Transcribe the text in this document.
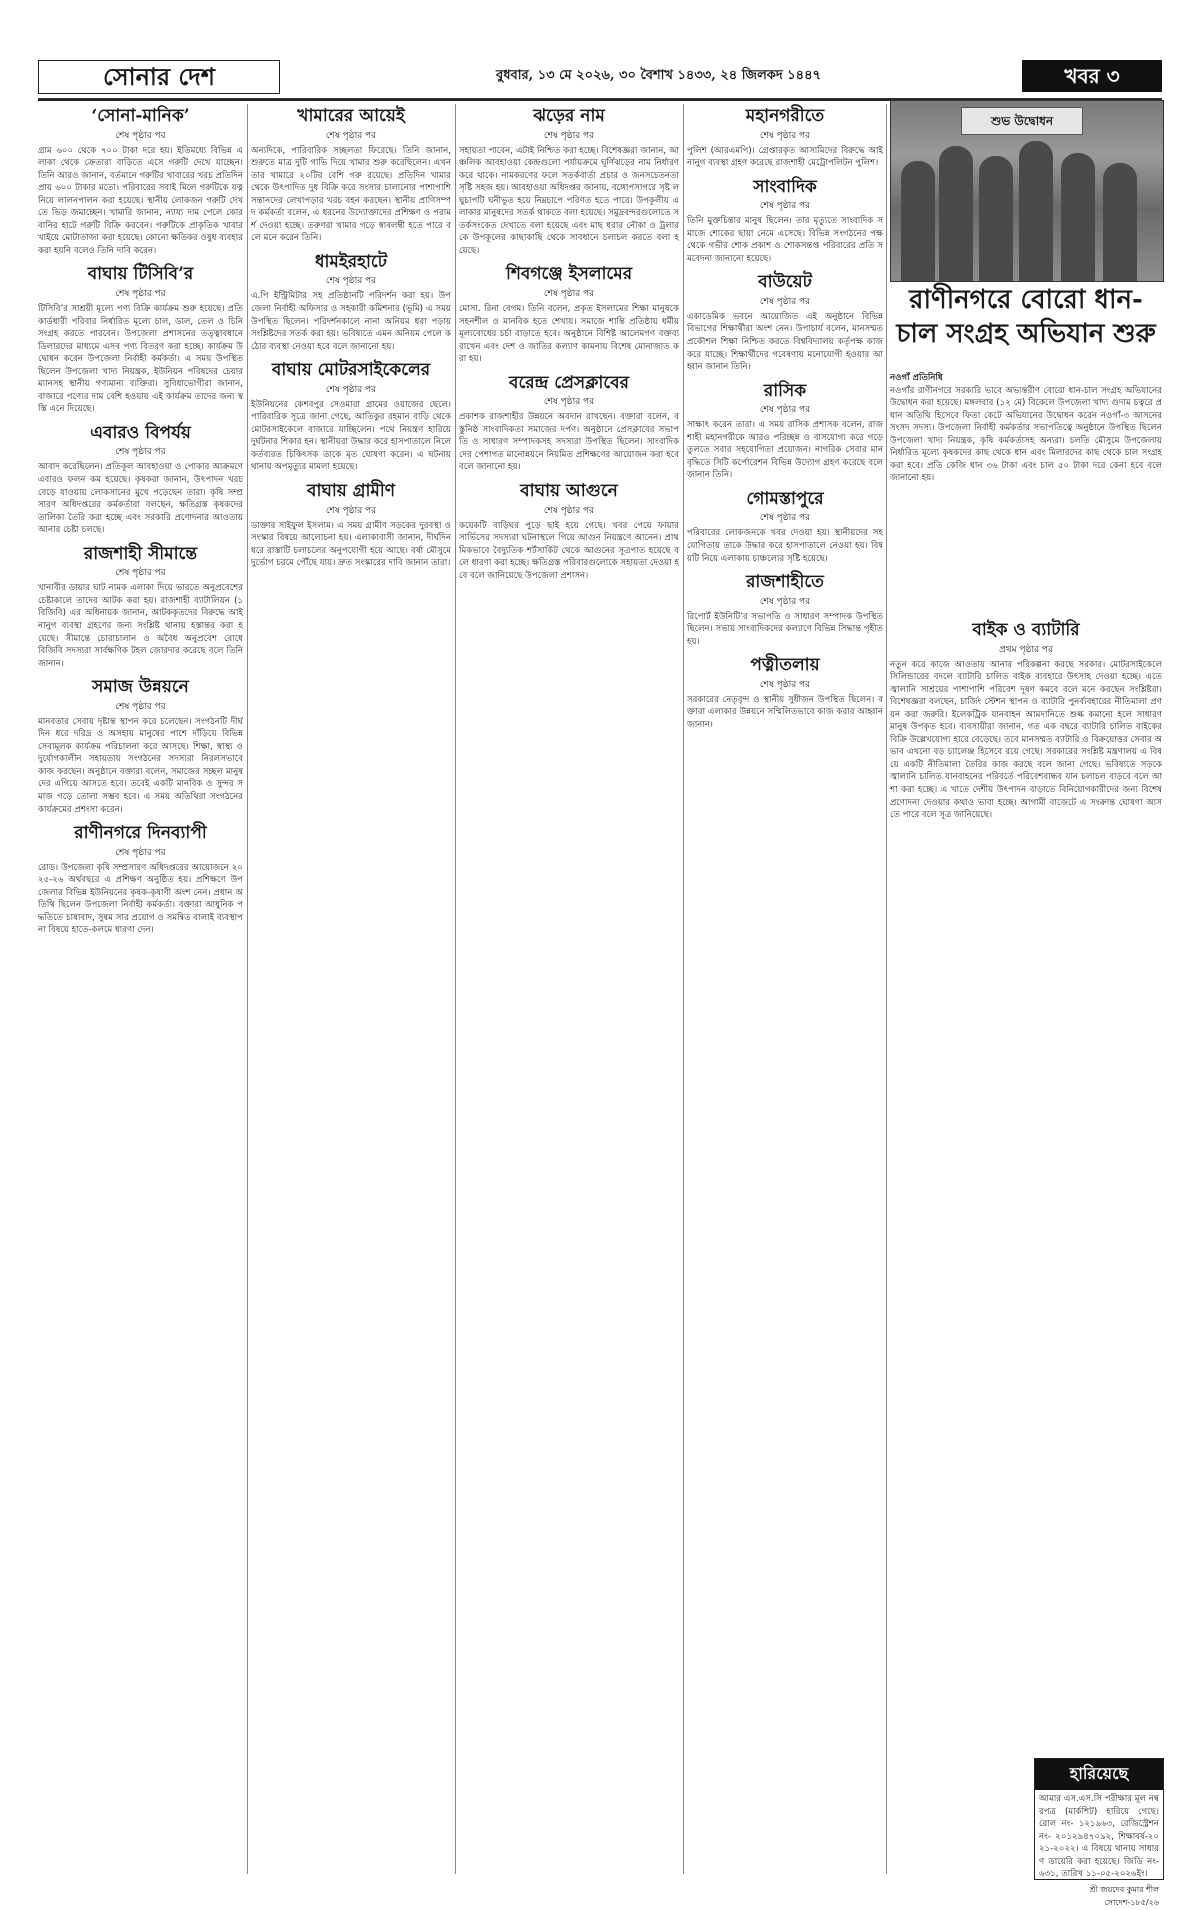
সোনার দেশ	বুধবার, ১৩ মে ২০২৬, ৩০ বৈশাখ ১৪৩৩, ২৪ জিলকদ ১৪৪৭	খবর ৩
‘সোনা-মানিক’
শেষ পৃষ্ঠার পর
গ্রাম ৬০০ থেকে ৭০০ টাকা দরে হয়। ইতিমধ্যে বিভিন্ন এলাকা থেকে ক্রেতারা বাড়িতে এসে গরুটি দেখে যাচ্ছেন। তিনি আরও জানান, বর্তমানে গরুটির খাবারের খরচ প্রতিদিন প্রায় ৬০০ টাকার মতো। পরিবারের সবাই মিলে গরুটিকে যত্ন নিয়ে লালনপালন করা হয়েছে। স্থানীয় লোকজন গরুটি দেখতে ভিড় জমাচ্ছেন। খামারি জানান, ন্যায্য দাম পেলে কোরবানির হাটে গরুটি বিক্রি করবেন। গরুটিকে প্রাকৃতিক খাবার খাইয়ে মোটাতাজা করা হয়েছে। কোনো ক্ষতিকর ওষুধ ব্যবহার করা হয়নি বলেও তিনি দাবি করেন।
বাঘায় টিসিবি’র
শেষ পৃষ্ঠার পর
টিসিবি’র সাশ্রয়ী মূল্যে পণ্য বিক্রি কার্যক্রম শুরু হয়েছে। প্রতি কার্ডধারী পরিবার নির্ধারিত মূল্যে চাল, ডাল, তেল ও চিনি সংগ্রহ করতে পারবেন। উপজেলা প্রশাসনের তত্ত্বাবধানে ডিলারদের মাধ্যমে এসব পণ্য বিতরণ করা হচ্ছে। কার্যক্রম উদ্বোধন করেন উপজেলা নির্বাহী কর্মকর্তা। এ সময় উপস্থিত ছিলেন উপজেলা খাদ্য নিয়ন্ত্রক, ইউনিয়ন পরিষদের চেয়ারম্যানসহ স্থানীয় গণ্যমান্য ব্যক্তিরা। সুবিধাভোগীরা জানান, বাজারে পণ্যের দাম বেশি হওয়ায় এই কার্যক্রম তাদের জন্য স্বস্তি এনে দিয়েছে।
এবারও বিপর্যয়
শেষ পৃষ্ঠার পর
আবাদ করেছিলেন। প্রতিকূল আবহাওয়া ও পোকার আক্রমণে এবারও ফলন কম হয়েছে। কৃষকরা জানান, উৎপাদন খরচ বেড়ে যাওয়ায় লোকসানের মুখে পড়েছেন তারা। কৃষি সম্প্রসারণ অধিদপ্তরের কর্মকর্তারা বলছেন, ক্ষতিগ্রস্ত কৃষকদের তালিকা তৈরি করা হচ্ছে এবং সরকারি প্রণোদনার আওতায় আনার চেষ্টা চলছে।
রাজশাহী সীমান্তে
শেষ পৃষ্ঠার পর
খানাবীর ডায়ার ঘাট নামক এলাকা দিয়ে ভারতে অনুপ্রবেশের চেষ্টাকালে তাদের আটক করা হয়। রাজশাহী ব্যাটালিয়ন (১ বিজিবি) এর অধিনায়ক জানান, আটককৃতদের বিরুদ্ধে আইনানুগ ব্যবস্থা গ্রহণের জন্য সংশ্লিষ্ট থানায় হস্তান্তর করা হয়েছে। সীমান্তে চোরাচালান ও অবৈধ অনুপ্রবেশ রোধে বিজিবি সদস্যরা সার্বক্ষণিক টহল জোরদার করেছে বলে তিনি জানান।
সমাজ উন্নয়নে
শেষ পৃষ্ঠার পর
মানবতার সেবায় দৃষ্টান্ত স্থাপন করে চলেছেন। সংগঠনটি দীর্ঘদিন ধরে দরিদ্র ও অসহায় মানুষের পাশে দাঁড়িয়ে বিভিন্ন সেবামূলক কার্যক্রম পরিচালনা করে আসছে। শিক্ষা, স্বাস্থ্য ও দুর্যোগকালীন সহায়তায় সংগঠনের সদস্যরা নিরলসভাবে কাজ করছেন। অনুষ্ঠানে বক্তারা বলেন, সমাজের সচ্ছল মানুষদের এগিয়ে আসতে হবে। তবেই একটি মানবিক ও সুন্দর সমাজ গড়ে তোলা সম্ভব হবে। এ সময় অতিথিরা সংগঠনের কার্যক্রমের প্রশংসা করেন।
রাণীনগরে দিনব্যাপী
শেষ পৃষ্ঠার পর
রোড। উপজেলা কৃষি সম্প্রসারণ অধিদপ্তরের আয়োজনে ২০২৫-২৬ অর্থবছরে এ প্রশিক্ষণ অনুষ্ঠিত হয়। প্রশিক্ষণে উপজেলার বিভিন্ন ইউনিয়নের কৃষক-কৃষাণী অংশ নেন। প্রধান অতিথি ছিলেন উপজেলা নির্বাহী কর্মকর্তা। বক্তারা আধুনিক পদ্ধতিতে চাষাবাদ, সুষম সার প্রয়োগ ও সমন্বিত বালাই ব্যবস্থাপনা বিষয়ে হাতে-কলমে ধারণা দেন।
খামারের আয়েই
শেষ পৃষ্ঠার পর
অন্যদিকে, পারিবারিক সচ্ছলতা ফিরেছে। তিনি জানান, শুরুতে মাত্র দুটি গাভি দিয়ে খামার শুরু করেছিলেন। এখন তার খামারে ২০টির বেশি গরু রয়েছে। প্রতিদিন খামার থেকে উৎপাদিত দুধ বিক্রি করে সংসার চালানোর পাশাপাশি সন্তানদের লেখাপড়ার খরচ বহন করছেন। স্থানীয় প্রাণিসম্পদ কর্মকর্তা বলেন, এ ধরনের উদ্যোক্তাদের প্রশিক্ষণ ও পরামর্শ দেওয়া হচ্ছে। তরুণরা খামার গড়ে স্বাবলম্বী হতে পারে বলে মনে করেন তিনি।
ধামইরহাটে
শেষ পৃষ্ঠার পর
এ.পি ইন্ট্রিমিটার সহ প্রতিষ্ঠানটি পরিদর্শন করা হয়। উপজেলা নির্বাহী অফিসার ও সহকারী কমিশনার (ভূমি) এ সময় উপস্থিত ছিলেন। পরিদর্শনকালে নানা অনিয়ম ধরা পড়ায় সংশ্লিষ্টদের সতর্ক করা হয়। ভবিষ্যতে এমন অনিয়ম পেলে কঠোর ব্যবস্থা নেওয়া হবে বলে জানানো হয়।
বাঘায় মোটরসাইকেলের
শেষ পৃষ্ঠার পর
ইউনিয়নের কেশবপুর সেওমারা গ্রামের ওয়াজের ছেলে। পারিবারিক সূত্রে জানা গেছে, আতিকুর রহমান বাড়ি থেকে মোটরসাইকেলে বাজারে যাচ্ছিলেন। পথে নিয়ন্ত্রণ হারিয়ে দুর্ঘটনার শিকার হন। স্থানীয়রা উদ্ধার করে হাসপাতালে নিলে কর্তব্যরত চিকিৎসক তাকে মৃত ঘোষণা করেন। এ ঘটনায় থানায় অপমৃত্যুর মামলা হয়েছে।
বাঘায় গ্রামীণ
শেষ পৃষ্ঠার পর
ডাক্তার সাইফুল ইসলাম। এ সময় গ্রামীণ সড়কের দুরবস্থা ও সংস্কার বিষয়ে আলোচনা হয়। এলাকাবাসী জানান, দীর্ঘদিন ধরে রাস্তাটি চলাচলের অনুপযোগী হয়ে আছে। বর্ষা মৌসুমে দুর্ভোগ চরমে পৌঁছে যায়। দ্রুত সংস্কারের দাবি জানান তারা।
ঝড়ের নাম
শেষ পৃষ্ঠার পর
সহায়তা পাবেন, এটাই নিশ্চিত করা হচ্ছে। বিশেষজ্ঞরা জানান, আঞ্চলিক আবহাওয়া কেন্দ্রগুলো পর্যায়ক্রমে ঘূর্ণিঝড়ের নাম নির্ধারণ করে থাকে। নামকরণের ফলে সতর্কবার্তা প্রচার ও জনসচেতনতা সৃষ্টি সহজ হয়। আবহাওয়া অধিদপ্তর জানায়, বঙ্গোপসাগরে সৃষ্ট লঘুচাপটি ঘনীভূত হয়ে নিম্নচাপে পরিণত হতে পারে। উপকূলীয় এলাকার মানুষদের সতর্ক থাকতে বলা হয়েছে। সমুদ্রবন্দরগুলোতে সতর্কসংকেত দেখাতে বলা হয়েছে এবং মাছ ধরার নৌকা ও ট্রলারকে উপকূলের কাছাকাছি থেকে সাবধানে চলাচল করতে বলা হয়েছে।
শিবগঞ্জে ইসলামের
শেষ পৃষ্ঠার পর
মোসা. রিনা বেগম। তিনি বলেন, প্রকৃত ইসলামের শিক্ষা মানুষকে সহনশীল ও মানবিক হতে শেখায়। সমাজে শান্তি প্রতিষ্ঠায় ধর্মীয় মূল্যবোধের চর্চা বাড়াতে হবে। অনুষ্ঠানে বিশিষ্ট আলেমগণ বক্তব্য রাখেন এবং দেশ ও জাতির কল্যাণ কামনায় বিশেষ মোনাজাত করা হয়।
বরেন্দ্র প্রেসক্লাবের
শেষ পৃষ্ঠার পর
প্রকাশক রাজশাহীর উন্নয়নে অবদান রাখছেন। বক্তারা বলেন, বস্তুনিষ্ঠ সাংবাদিকতা সমাজের দর্পণ। অনুষ্ঠানে প্রেসক্লাবের সভাপতি ও সাধারণ সম্পাদকসহ সদস্যরা উপস্থিত ছিলেন। সাংবাদিকদের পেশাগত মানোন্নয়নে নিয়মিত প্রশিক্ষণের আয়োজন করা হবে বলে জানানো হয়।
বাঘায় আগুনে
শেষ পৃষ্ঠার পর
কয়েকটি বাড়িঘর পুড়ে ছাই হয়ে গেছে। খবর পেয়ে ফায়ার সার্ভিসের সদস্যরা ঘটনাস্থলে গিয়ে আগুন নিয়ন্ত্রণে আনেন। প্রাথমিকভাবে বৈদ্যুতিক শর্টসার্কিট থেকে আগুনের সূত্রপাত হয়েছে বলে ধারণা করা হচ্ছে। ক্ষতিগ্রস্ত পরিবারগুলোকে সহায়তা দেওয়া হবে বলে জানিয়েছে উপজেলা প্রশাসন।
মহানগরীতে
শেষ পৃষ্ঠার পর
পুলিশ (আরএমপি)। গ্রেপ্তারকৃত আসামিদের বিরুদ্ধে আইনানুগ ব্যবস্থা গ্রহণ করেছে রাজশাহী মেট্রোপলিটন পুলিশ।
সাংবাদিক
শেষ পৃষ্ঠার পর
তিনি মুক্তচিন্তার মানুষ ছিলেন। তার মৃত্যুতে সাংবাদিক সমাজে শোকের ছায়া নেমে এসেছে। বিভিন্ন সংগঠনের পক্ষ থেকে গভীর শোক প্রকাশ ও শোকসন্তপ্ত পরিবারের প্রতি সমবেদনা জানানো হয়েছে।
বাউয়েট
শেষ পৃষ্ঠার পর
একাডেমিক ভবনে আয়োজিত এই অনুষ্ঠানে বিভিন্ন বিভাগের শিক্ষার্থীরা অংশ নেন। উপাচার্য বলেন, মানসম্মত প্রকৌশল শিক্ষা নিশ্চিত করতে বিশ্ববিদ্যালয় কর্তৃপক্ষ কাজ করে যাচ্ছে। শিক্ষার্থীদের গবেষণায় মনোযোগী হওয়ার আহ্বান জানান তিনি।
রাসিক
শেষ পৃষ্ঠার পর
সাক্ষাৎ করেন তারা। এ সময় রাসিক প্রশাসক বলেন, রাজশাহী মহানগরীকে আরও পরিচ্ছন্ন ও বাসযোগ্য করে গড়ে তুলতে সবার সহযোগিতা প্রয়োজন। নাগরিক সেবার মান বৃদ্ধিতে সিটি কর্পোরেশন বিভিন্ন উদ্যোগ গ্রহণ করেছে বলে জানান তিনি।
গোমস্তাপুরে
শেষ পৃষ্ঠার পর
পরিবারের লোকজনকে খবর দেওয়া হয়। স্থানীয়দের সহযোগিতায় তাকে উদ্ধার করে হাসপাতালে নেওয়া হয়। বিষয়টি নিয়ে এলাকায় চাঞ্চল্যের সৃষ্টি হয়েছে।
রাজশাহীতে
শেষ পৃষ্ঠার পর
রিপোর্ট ইউনিটি’র সভাপতি ও সাধারণ সম্পাদক উপস্থিত ছিলেন। সভায় সাংবাদিকদের কল্যাণে বিভিন্ন সিদ্ধান্ত গৃহীত হয়।
পত্নীতলায়
শেষ পৃষ্ঠার পর
সরকারের নেতৃবৃন্দ ও স্থানীয় সুধীজন উপস্থিত ছিলেন। বক্তারা এলাকার উন্নয়নে সম্মিলিতভাবে কাজ করার আহ্বান জানান।
শুভ উদ্বোধন
রাণীনগরে বোরো ধান-চাল সংগ্রহ অভিযান শুরু
নওগাঁ প্রতিনিধি
নওগাঁর রাণীনগরে সরকারি ভাবে অভ্যন্তরীণ বোরো ধান-চাল সংগ্রহ অভিযানের উদ্বোধন করা হয়েছে। মঙ্গলবার (১২ মে) বিকেলে উপজেলা খাদ্য গুদাম চত্বরে প্রধান অতিথি হিসেবে ফিতা কেটে অভিযানের উদ্বোধন করেন নওগাঁ-৩ আসনের সংসদ সদস্য। উপজেলা নির্বাহী কর্মকর্তার সভাপতিত্বে অনুষ্ঠানে উপস্থিত ছিলেন উপজেলা খাদ্য নিয়ন্ত্রক, কৃষি কর্মকর্তাসহ অন্যরা। চলতি মৌসুমে উপজেলায় নির্ধারিত মূল্যে কৃষকদের কাছ থেকে ধান এবং মিলারদের কাছ থেকে চাল সংগ্রহ করা হবে। প্রতি কেজি ধান ৩৬ টাকা এবং চাল ৫০ টাকা দরে কেনা হবে বলে জানানো হয়।
বাইক ও ব্যাটারি
প্রথম পৃষ্ঠার পর
নতুন করে কাজে আওতায় আনার পরিকল্পনা করছে সরকার। মোটরসাইকেলে সিলিন্ডারের বদলে ব্যাটারি চালিত বাইক ব্যবহারে উৎসাহ দেওয়া হচ্ছে। এতে জ্বালানি সাশ্রয়ের পাশাপাশি পরিবেশ দূষণ কমবে বলে মনে করছেন সংশ্লিষ্টরা। বিশেষজ্ঞরা বলছেন, চার্জিং স্টেশন স্থাপন ও ব্যাটারি পুনর্ব্যবহারের নীতিমালা প্রণয়ন করা জরুরি। ইলেকট্রিক যানবাহন আমদানিতে শুল্ক কমানো হলে সাধারণ মানুষ উপকৃত হবে। ব্যবসায়ীরা জানান, গত এক বছরে ব্যাটারি চালিত বাইকের বিক্রি উল্লেখযোগ্য হারে বেড়েছে। তবে মানসম্মত ব্যাটারি ও বিক্রয়োত্তর সেবার অভাব এখনো বড় চ্যালেঞ্জ হিসেবে রয়ে গেছে। সরকারের সংশ্লিষ্ট মন্ত্রণালয় এ বিষয়ে একটি নীতিমালা তৈরির কাজ করছে বলে জানা গেছে। ভবিষ্যতে সড়কে জ্বালানি চালিত যানবাহনের পরিবর্তে পরিবেশবান্ধব যান চলাচল বাড়বে বলে আশা করা হচ্ছে। এ খাতে দেশীয় উৎপাদন বাড়াতে বিনিয়োগকারীদের জন্য বিশেষ প্রণোদনা দেওয়ার কথাও ভাবা হচ্ছে। আগামী বাজেটে এ সংক্রান্ত ঘোষণা আসতে পারে বলে সূত্র জানিয়েছে।
হারিয়েছে
আমার এস.এস.সি পরীক্ষার মূল নম্বরপত্র (মার্কশিট) হারিয়ে গেছে। রোল নং- ১২১৯৬৩, রেজিস্ট্রেশন নং- ২০১২৯৪৭০৯২, শিক্ষাবর্ষ-২০২১-২০২২। এ বিষয়ে থানায় সাধারণ ডায়েরি করা হয়েছে। জিডি নং- ৬৩১, তারিখ ১১-০৫-২০২৬ইং।
শ্রী জয়দেব কুমার শীল
সোদেশ-১৮৫/২৬
